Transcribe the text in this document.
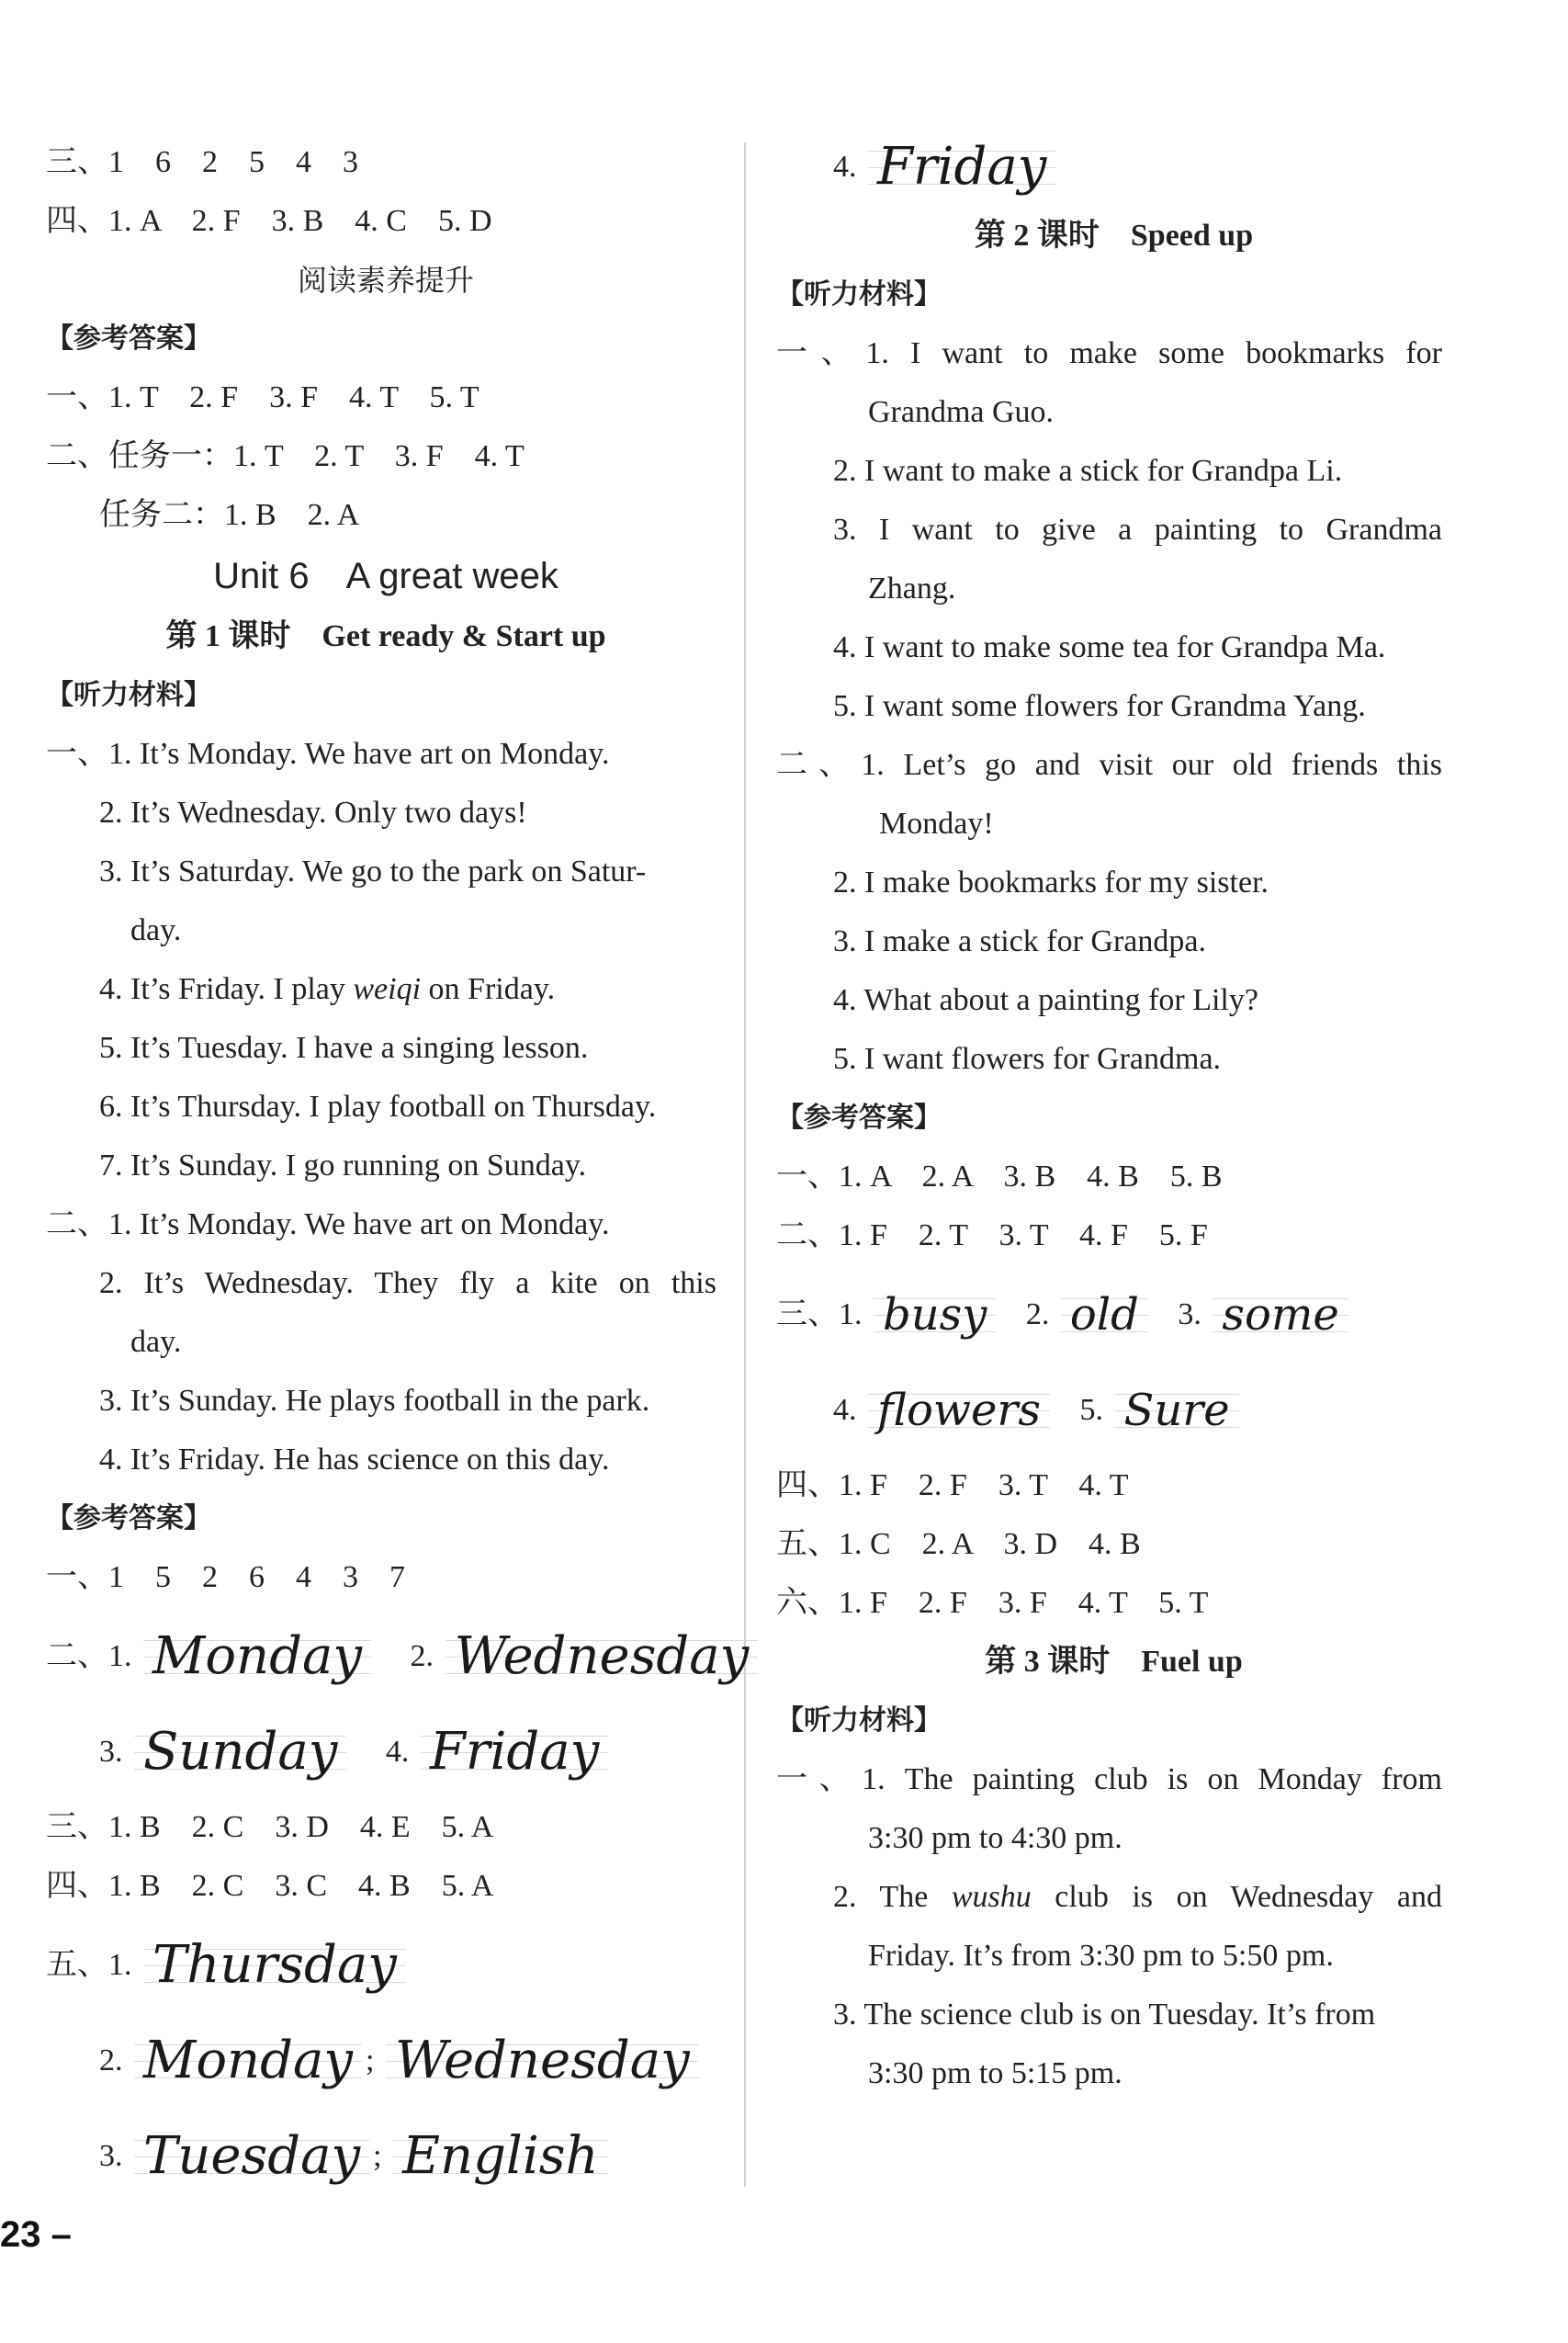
三、1　6　2　5　4　3
四、1. A　2. F　3. B　4. C　5. D
阅读素养提升
【参考答案】
一、1. T　2. F　3. F　4. T　5. T
二、任务一：1. T　2. T　3. F　4. T
任务二：1. B　2. A
Unit 6　A great week
第 1 课时　Get ready & Start up
【听力材料】
一、1. It’s Monday. We have art on Monday.
2. It’s Wednesday. Only two days!
3. It’s Saturday. We go to the park on Satur-
day.
4. It’s Friday. I play weiqi on Friday.
5. It’s Tuesday. I have a singing lesson.
6. It’s Thursday. I play football on Thursday.
7. It’s Sunday. I go running on Sunday.
二、1. It’s Monday. We have art on Monday.
2. It’s Wednesday. They fly a kite on this
day.
3. It’s Sunday. He plays football in the park.
4. It’s Friday. He has science on this day.
【参考答案】
一、1　5　2　6　4　3　7
二、1. Monday 2. Wednesday
3. Sunday 4. Friday
三、1. B　2. C　3. D　4. E　5. A
四、1. B　2. C　3. C　4. B　5. A
五、1. Thursday
2. Monday ; Wednesday
3. Tuesday ; English
4. Friday
第 2 课时　Speed up
【听力材料】
一、1. I want to make some bookmarks for
Grandma Guo.
2. I want to make a stick for Grandpa Li.
3. I want to give a painting to Grandma
Zhang.
4. I want to make some tea for Grandpa Ma.
5. I want some flowers for Grandma Yang.
二、1. Let’s go and visit our old friends this
Monday!
2. I make bookmarks for my sister.
3. I make a stick for Grandpa.
4. What about a painting for Lily?
5. I want flowers for Grandma.
【参考答案】
一、1. A　2. A　3. B　4. B　5. B
二、1. F　2. T　3. T　4. F　5. F
三、1. busy 2. old 3. some
4. flowers 5. Sure
四、1. F　2. F　3. T　4. T
五、1. C　2. A　3. D　4. B
六、1. F　2. F　3. F　4. T　5. T
第 3 课时　Fuel up
【听力材料】
一、1. The painting club is on Monday from
3:30 pm to 4:30 pm.
2. The wushu club is on Wednesday and
Friday. It’s from 3:30 pm to 5:50 pm.
3. The science club is on Tuesday. It’s from
3:30 pm to 5:15 pm.
23 –
